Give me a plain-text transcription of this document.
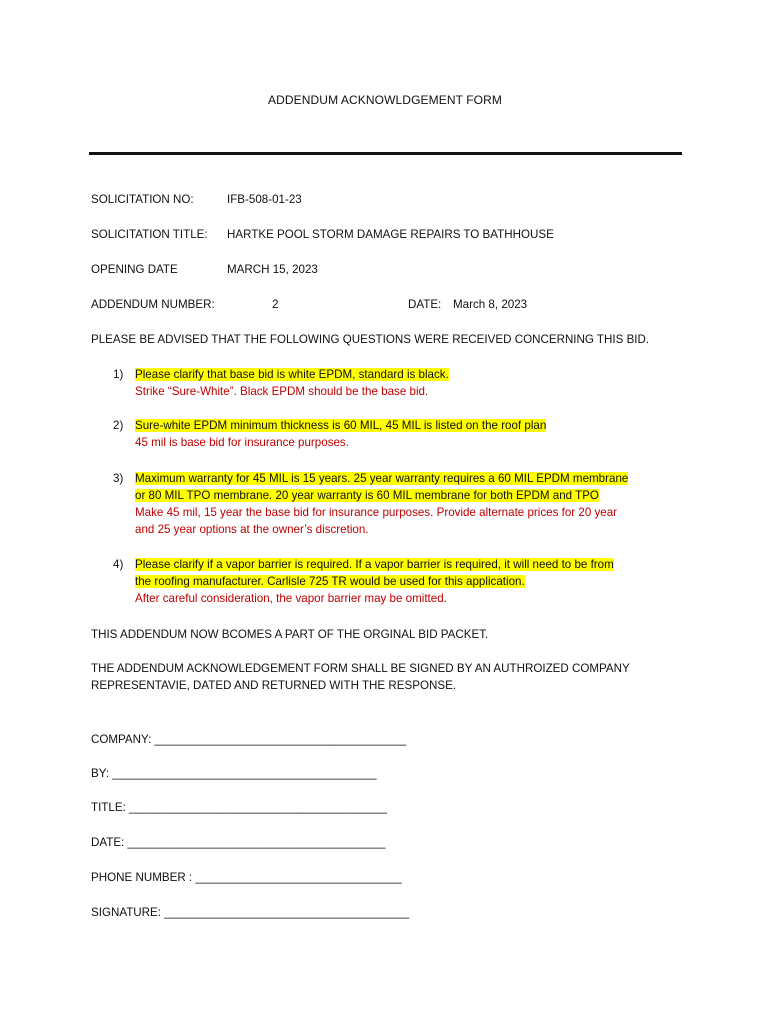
ADDENDUM ACKNOWLDGEMENT FORM
SOLICITATION NO:	IFB-508-01-23
SOLICITATION TITLE: HARTKE POOL STORM DAMAGE REPAIRS TO BATHHOUSE
OPENING DATE	MARCH 15, 2023
ADDENDUM NUMBER:	2	DATE: March 8, 2023
PLEASE BE ADVISED THAT THE FOLLOWING QUESTIONS WERE RECEIVED CONCERNING THIS BID.
1) Please clarify that base bid is white EPDM, standard is black.
Strike “Sure-White”. Black EPDM should be the base bid.
2) Sure-white EPDM minimum thickness is 60 MIL, 45 MIL is listed on the roof plan
45 mil is base bid for insurance purposes.
3) Maximum warranty for 45 MIL is 15 years. 25 year warranty requires a 60 MIL EPDM membrane
or 80 MIL TPO membrane. 20 year warranty is 60 MIL membrane for both EPDM and TPO
Make 45 mil, 15 year the base bid for insurance purposes. Provide alternate prices for 20 year
and 25 year options at the owner’s discretion.
4) Please clarify if a vapor barrier is required. If a vapor barrier is required, it will need to be from
the roofing manufacturer. Carlisle 725 TR would be used for this application.
After careful consideration, the vapor barrier may be omitted.
THIS ADDENDUM NOW BCOMES A PART OF THE ORGINAL BID PACKET.
THE ADDENDUM ACKNOWLEDGEMENT FORM SHALL BE SIGNED BY AN AUTHROIZED COMPANY
REPRESENTAVIE, DATED AND RETURNED WITH THE RESPONSE.
COMPANY: _______________________________________
BY: _________________________________________
TITLE: ________________________________________
DATE: ________________________________________
PHONE NUMBER : ________________________________
SIGNATURE: ______________________________________
